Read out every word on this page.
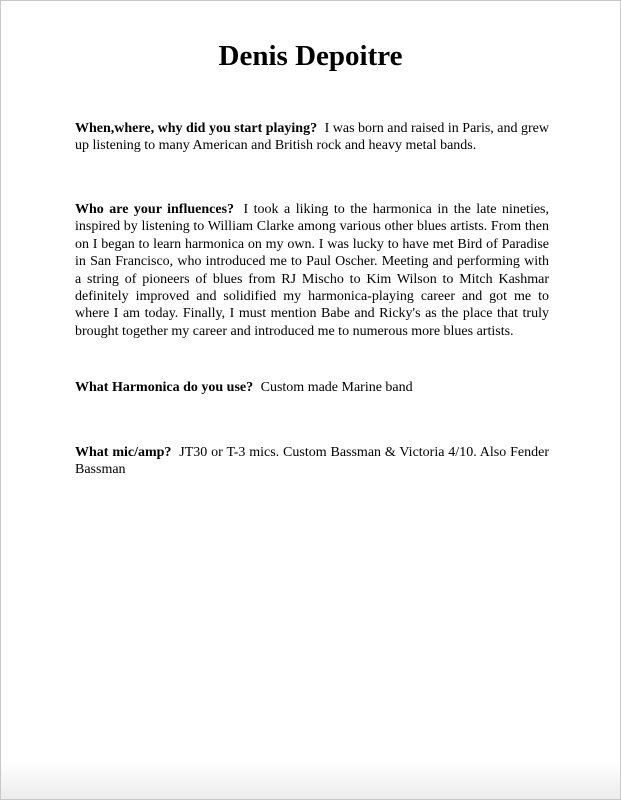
Denis Depoitre

When,where, why did you start playing? I was born and raised in Paris, and grew up listening to many American and British rock and heavy metal bands.

Who are your influences? I took a liking to the harmonica in the late nineties, inspired by listening to William Clarke among various other blues artists. From then on I began to learn harmonica on my own. I was lucky to have met Bird of Paradise in San Francisco, who introduced me to Paul Oscher. Meeting and performing with a string of pioneers of blues from RJ Mischo to Kim Wilson to Mitch Kashmar definitely improved and solidified my harmonica-playing career and got me to where I am today. Finally, I must mention Babe and Ricky's as the place that truly brought together my career and introduced me to numerous more blues artists.

What Harmonica do you use? Custom made Marine band

What mic/amp? JT30 or T-3 mics. Custom Bassman & Victoria 4/10. Also Fender Bassman
